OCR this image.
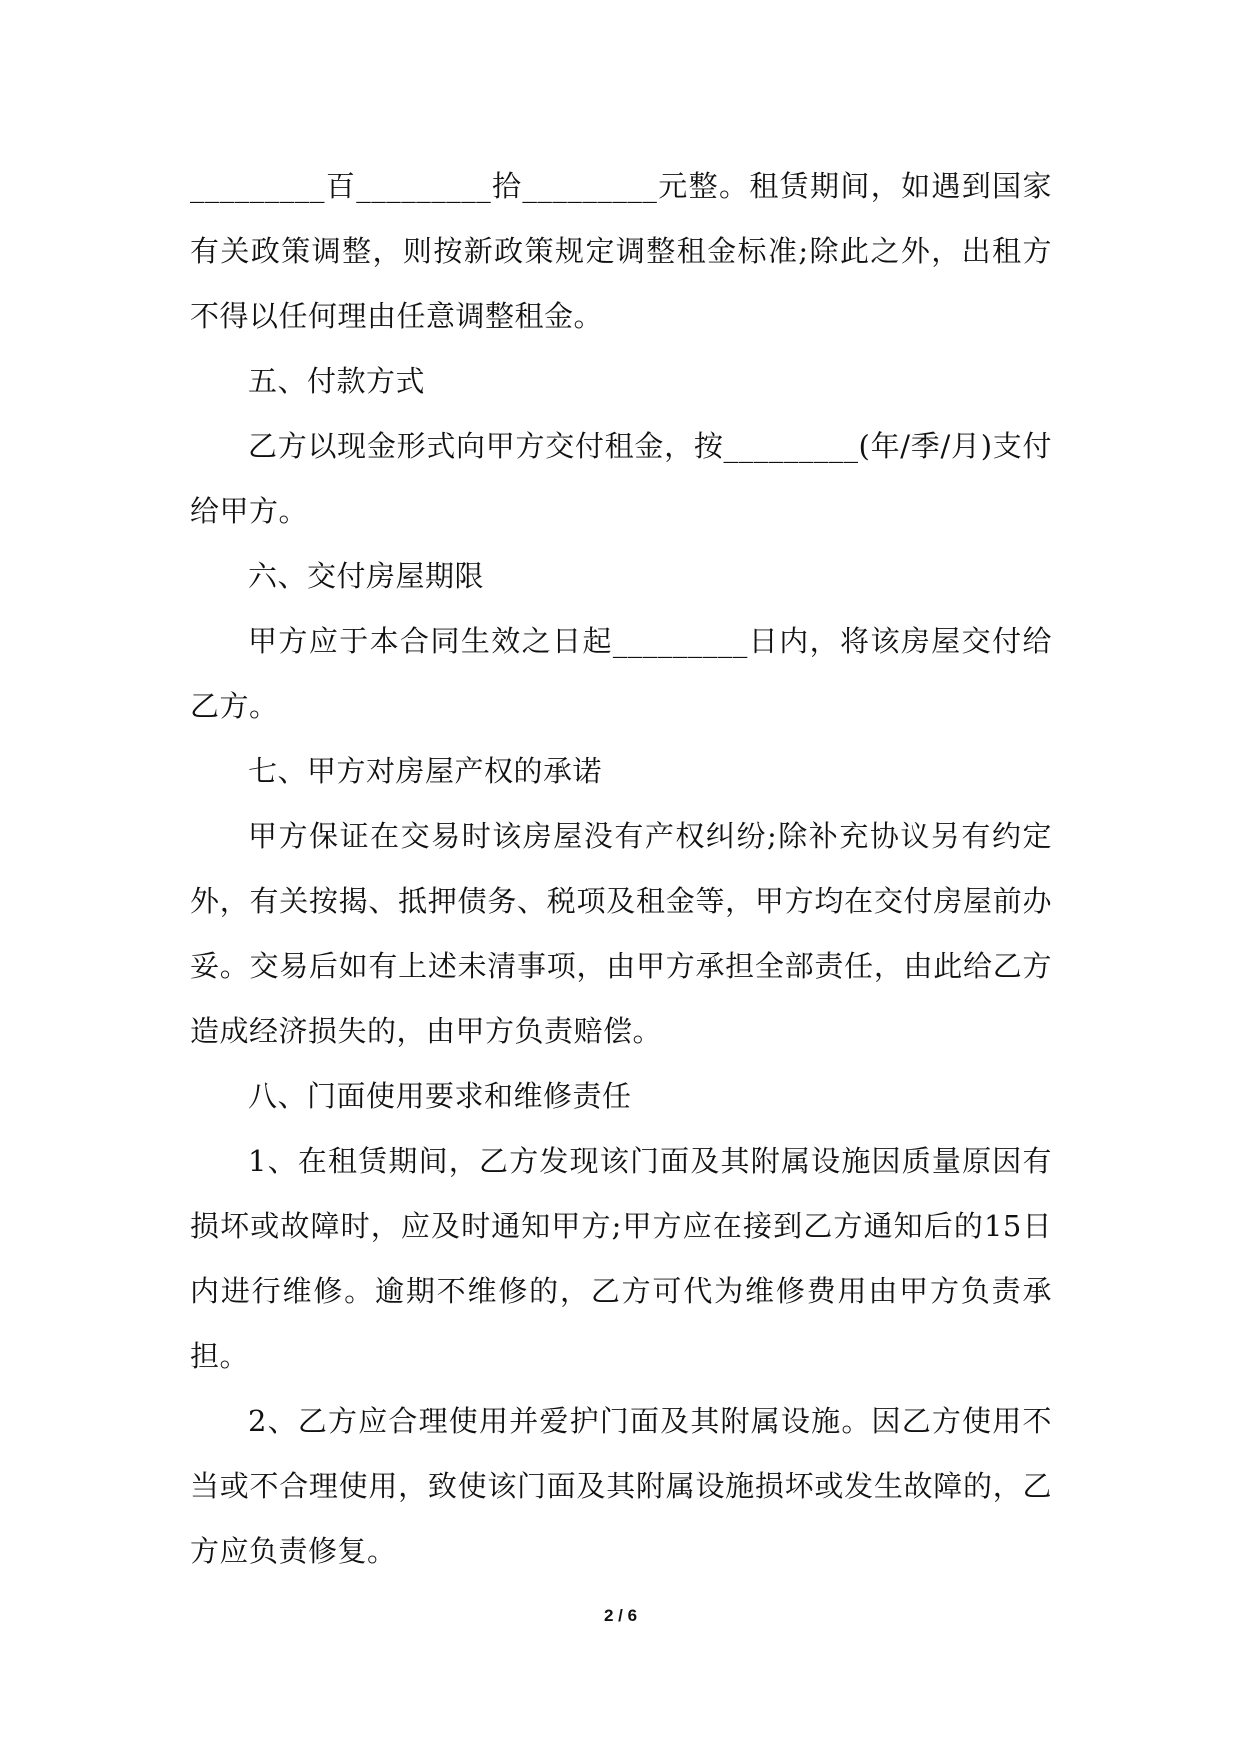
_________百_________拾_________元整。租赁期间，如遇到国家有关政策调整，则按新政策规定调整租金标准;除此之外，出租方不得以任何理由任意调整租金。

五、付款方式

乙方以现金形式向甲方交付租金，按_________(年/季/月)支付给甲方。

六、交付房屋期限

甲方应于本合同生效之日起_________日内，将该房屋交付给乙方。

七、甲方对房屋产权的承诺

甲方保证在交易时该房屋没有产权纠纷;除补充协议另有约定外，有关按揭、抵押债务、税项及租金等，甲方均在交付房屋前办妥。交易后如有上述未清事项，由甲方承担全部责任，由此给乙方造成经济损失的，由甲方负责赔偿。

八、门面使用要求和维修责任

1、在租赁期间，乙方发现该门面及其附属设施因质量原因有损坏或故障时，应及时通知甲方;甲方应在接到乙方通知后的15日内进行维修。逾期不维修的，乙方可代为维修费用由甲方负责承担。

2、乙方应合理使用并爱护门面及其附属设施。因乙方使用不当或不合理使用，致使该门面及其附属设施损坏或发生故障的，乙方应负责修复。

2 / 6
